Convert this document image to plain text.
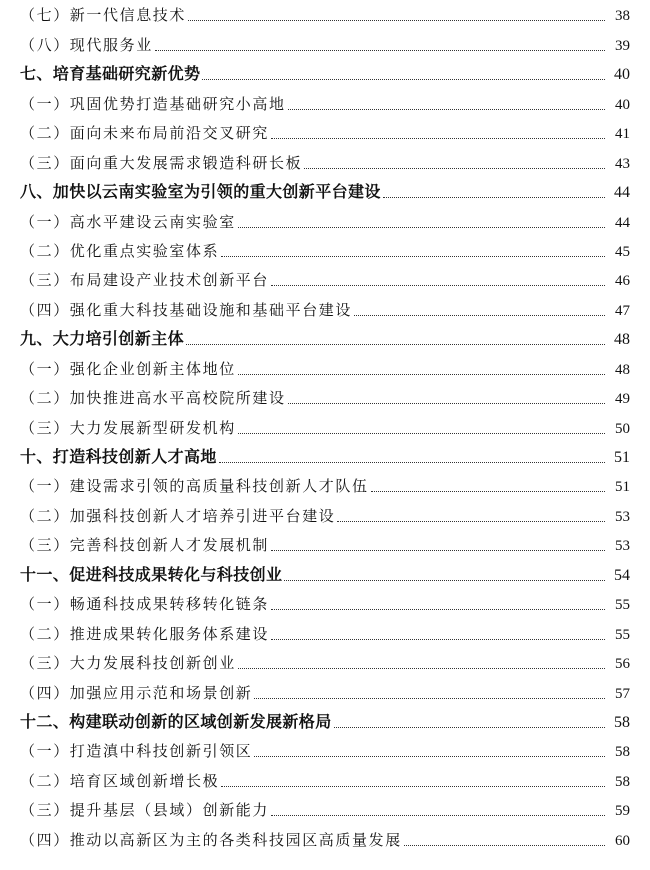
（七）新一代信息技术	38
（八）现代服务业	39
七、培育基础研究新优势	40
（一）巩固优势打造基础研究小高地	40
（二）面向未来布局前沿交叉研究	41
（三）面向重大发展需求锻造科研长板	43
八、加快以云南实验室为引领的重大创新平台建设	44
（一）高水平建设云南实验室	44
（二）优化重点实验室体系	45
（三）布局建设产业技术创新平台	46
（四）强化重大科技基础设施和基础平台建设	47
九、大力培引创新主体	48
（一）强化企业创新主体地位	48
（二）加快推进高水平高校院所建设	49
（三）大力发展新型研发机构	50
十、打造科技创新人才高地	51
（一）建设需求引领的高质量科技创新人才队伍	51
（二）加强科技创新人才培养引进平台建设	53
（三）完善科技创新人才发展机制	53
十一、促进科技成果转化与科技创业	54
（一）畅通科技成果转移转化链条	55
（二）推进成果转化服务体系建设	55
（三）大力发展科技创新创业	56
（四）加强应用示范和场景创新	57
十二、构建联动创新的区域创新发展新格局	58
（一）打造滇中科技创新引领区	58
（二）培育区域创新增长极	58
（三）提升基层（县域）创新能力	59
（四）推动以高新区为主的各类科技园区高质量发展	60
